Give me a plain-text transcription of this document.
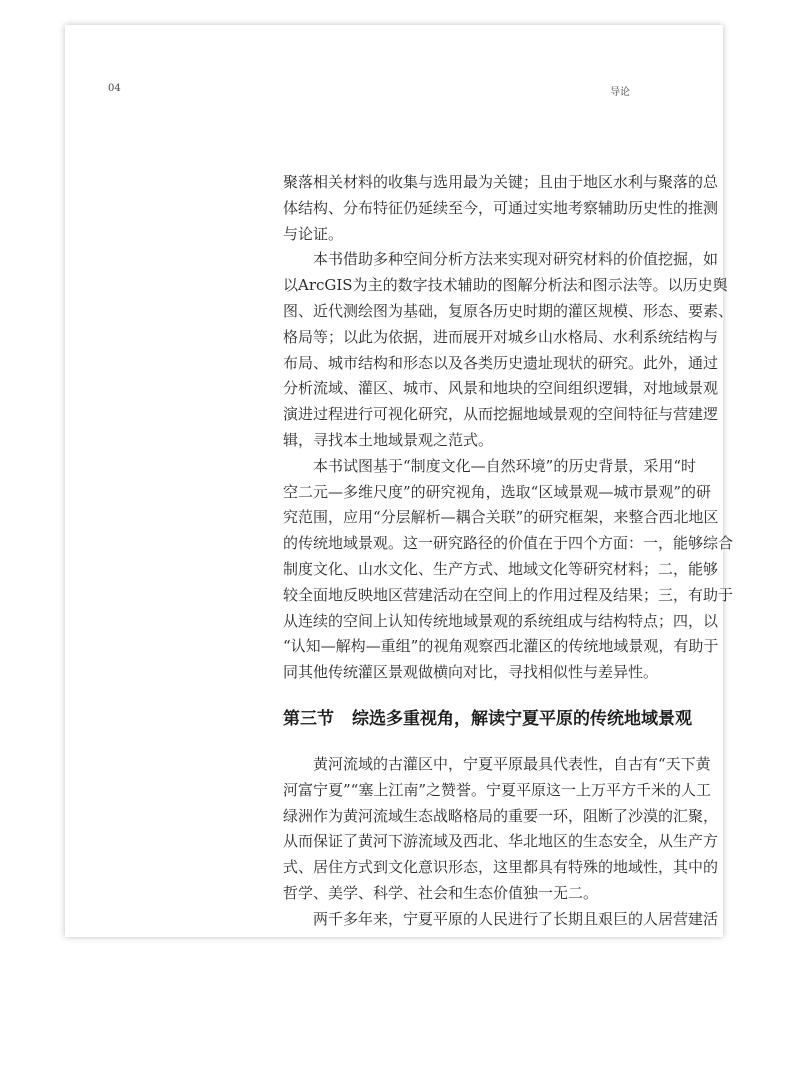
04	导论
聚落相关材料的收集与选用最为关键；且由于地区水利与聚落的总
体结构、分布特征仍延续至今，可通过实地考察辅助历史性的推测
与论证。
本书借助多种空间分析方法来实现对研究材料的价值挖掘，如
以ArcGIS为主的数字技术辅助的图解分析法和图示法等。以历史舆
图、近代测绘图为基础，复原各历史时期的灌区规模、形态、要素、
格局等；以此为依据，进而展开对城乡山水格局、水利系统结构与
布局、城市结构和形态以及各类历史遗址现状的研究。此外，通过
分析流域、灌区、城市、风景和地块的空间组织逻辑，对地域景观
演进过程进行可视化研究，从而挖掘地域景观的空间特征与营建逻
辑，寻找本土地域景观之范式。
本书试图基于“制度文化—自然环境”的历史背景，采用“时
空二元—多维尺度”的研究视角，选取“区域景观—城市景观”的研
究范围，应用“分层解析—耦合关联”的研究框架，来整合西北地区
的传统地域景观。这一研究路径的价值在于四个方面：一，能够综合
制度文化、山水文化、生产方式、地域文化等研究材料；二，能够
较全面地反映地区营建活动在空间上的作用过程及结果；三，有助于
从连续的空间上认知传统地域景观的系统组成与结构特点；四，以
“认知—解构—重组”的视角观察西北灌区的传统地域景观，有助于
同其他传统灌区景观做横向对比，寻找相似性与差异性。
第三节 综选多重视角，解读宁夏平原的传统地域景观
黄河流域的古灌区中，宁夏平原最具代表性，自古有“天下黄
河富宁夏”“塞上江南”之赞誉。宁夏平原这一上万平方千米的人工
绿洲作为黄河流域生态战略格局的重要一环，阻断了沙漠的汇聚，
从而保证了黄河下游流域及西北、华北地区的生态安全，从生产方
式、居住方式到文化意识形态，这里都具有特殊的地域性，其中的
哲学、美学、科学、社会和生态价值独一无二。
两千多年来，宁夏平原的人民进行了长期且艰巨的人居营建活
